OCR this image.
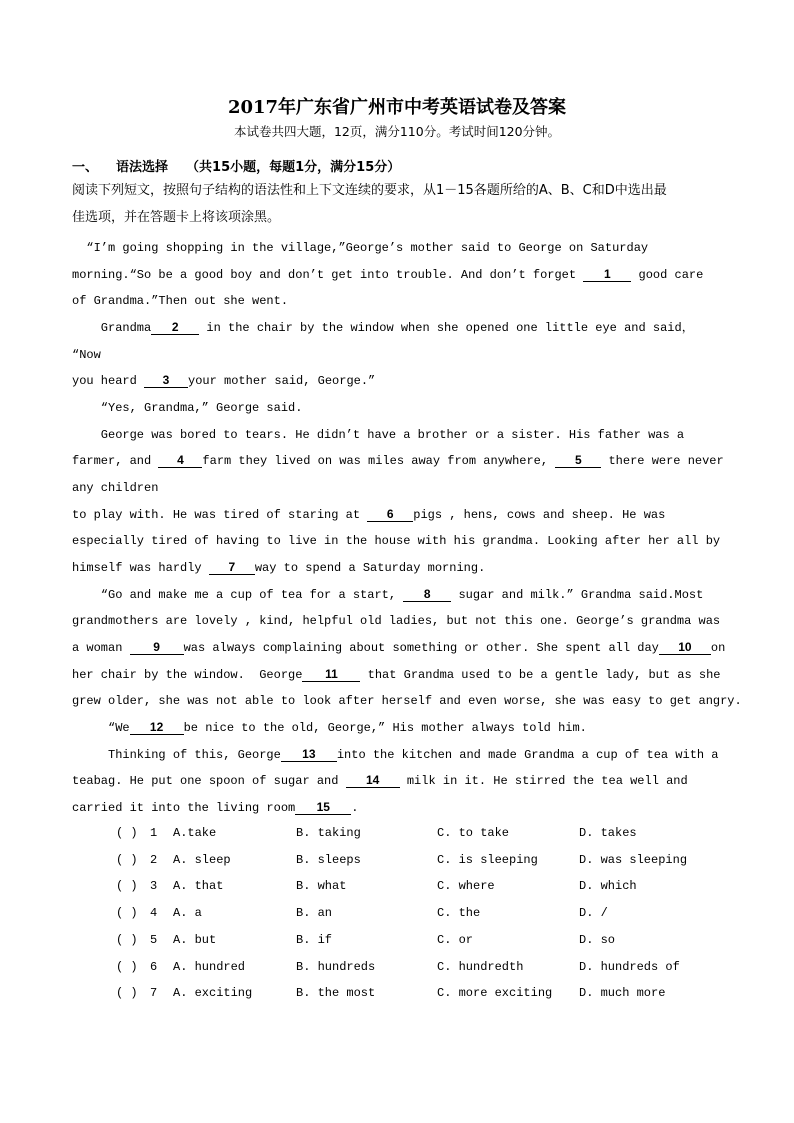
2017年广东省广州市中考英语试卷及答案
本试卷共四大题，12页，满分110分。考试时间120分钟。
一、 语法选择 （共15小题，每题1分，满分15分）
阅读下列短文，按照句子结构的语法性和上下文连续的要求，从1－15各题所给的A、B、C和D中选出最
佳选项，并在答题卡上将该项涂黑。
“I’m going shopping in the village,”George’s mother said to George on Saturday
morning.“So be a good boy and don’t get into trouble. And don’t forget 1 good care
of Grandma.”Then out she went.
Grandma 2 in the chair by the window when she opened one little eye and said，
“Now
you heard 3 your mother said, George.”
“Yes, Grandma,” George said.
George was bored to tears. He didn’t have a brother or a sister. His father was a
farmer, and 4 farm they lived on was miles away from anywhere, 5 there were never
any children
to play with. He was tired of staring at 6 pigs , hens, cows and sheep. He was
especially tired of having to live in the house with his grandma. Looking after her all by
himself was hardly 7 way to spend a Saturday morning.
“Go and make me a cup of tea for a start, 8 sugar and milk.” Grandma said.Most
grandmothers are lovely , kind, helpful old ladies, but not this one. George’s grandma was
a woman 9 was always complaining about something or other. She spent all day 10 on
her chair by the window.  George 11 that Grandma used to be a gentle lady, but as she
grew older, she was not able to look after herself and even worse, she was easy to get angry.
“We 12 be nice to the old, George,” His mother always told him.
Thinking of this, George 13 into the kitchen and made Grandma a cup of tea with a
teabag. He put one spoon of sugar and 14 milk in it. He stirred the tea well and
carried it into the living room 15 .
( ) 1 A.take	B. taking	C. to take	D. takes
( ) 2 A. sleep	B. sleeps	C. is sleeping	D. was sleeping
( ) 3 A. that	B. what	C. where	D. which
( ) 4 A. a	B. an	C. the	D. /
( ) 5 A. but	B. if	C. or	D. so
( ) 6 A. hundred	B. hundreds	C. hundredth	D. hundreds of
( ) 7 A. exciting	B. the most	C. more exciting D. much more
